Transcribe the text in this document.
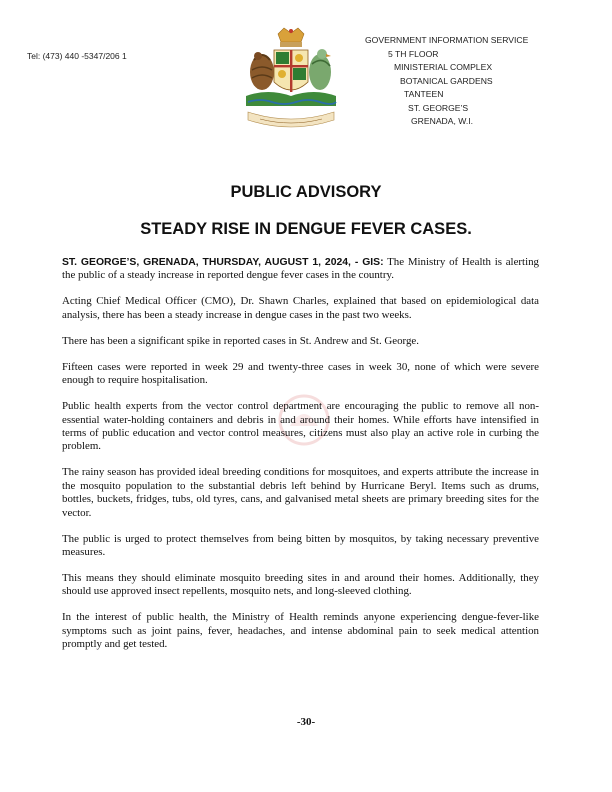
Tel: (473) 440 -5347/206 1
GOVERNMENT INFORMATION SERVICE
5 TH FLOOR
MINISTERIAL COMPLEX
BOTANICAL GARDENS
TANTEEN
ST. GEORGE’S
GRENADA, W.I.
PUBLIC ADVISORY
STEADY RISE IN DENGUE FEVER CASES.

ST. GEORGE’S, GRENADA, THURSDAY, AUGUST 1, 2024, - GIS: The Ministry of Health is alerting the public of a steady increase in reported dengue fever cases in the country.

Acting Chief Medical Officer (CMO), Dr. Shawn Charles, explained that based on epidemiological data analysis, there has been a steady increase in dengue cases in the past two weeks.

There has been a significant spike in reported cases in St. Andrew and St. George.

Fifteen cases were reported in week 29 and twenty-three cases in week 30, none of which were severe enough to require hospitalisation.

Public health experts from the vector control department are encouraging the public to remove all non-essential water-holding containers and debris in and around their homes. While efforts have intensified in terms of public education and vector control measures, citizens must also play an active role in curbing the problem.

The rainy season has provided ideal breeding conditions for mosquitoes, and experts attribute the increase in the mosquito population to the substantial debris left behind by Hurricane Beryl. Items such as drums, bottles, buckets, fridges, tubs, old tyres, cans, and galvanised metal sheets are primary breeding sites for the vector.

The public is urged to protect themselves from being bitten by mosquitos, by taking necessary preventive measures.

This means they should eliminate mosquito breeding sites in and around their homes. Additionally, they should use approved insect repellents, mosquito nets, and long-sleeved clothing.

In the interest of public health, the Ministry of Health reminds anyone experiencing dengue-fever-like symptoms such as joint pains, fever, headaches, and intense abdominal pain to seek medical attention promptly and get tested.

-30-
